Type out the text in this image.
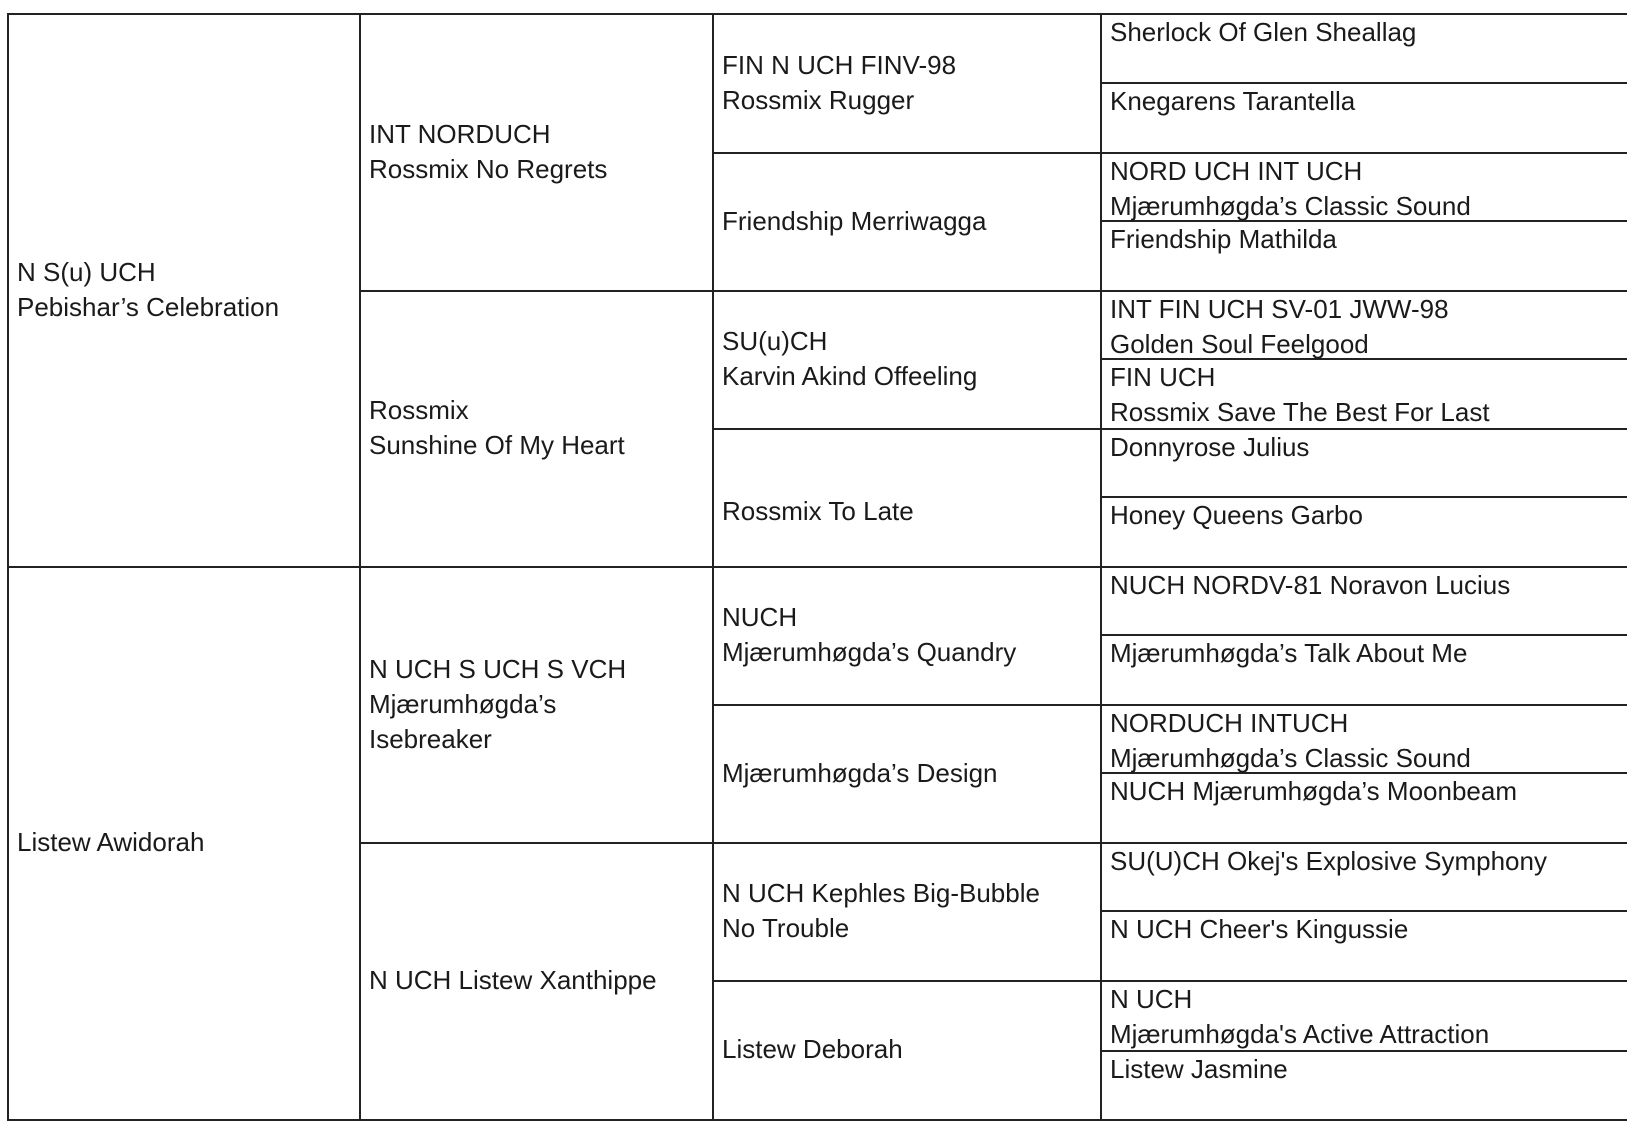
N S(u) UCH
Pebishar’s Celebration
Listew Awidorah
INT NORDUCH
Rossmix No Regrets
Rossmix
Sunshine Of My Heart
N UCH S UCH S VCH
Mjærumhøgda’s
Isebreaker
N UCH Listew Xanthippe
FIN N UCH FINV-98
Rossmix Rugger
Friendship Merriwagga
SU(u)CH
Karvin Akind Offeeling
Rossmix To Late
NUCH
Mjærumhøgda’s Quandry
Mjærumhøgda’s Design
N UCH Kephles Big-Bubble
No Trouble
Listew Deborah
Sherlock Of Glen Sheallag
Knegarens Tarantella
NORD UCH INT UCH
Mjærumhøgda’s Classic Sound
Friendship Mathilda
INT FIN UCH SV-01 JWW-98
Golden Soul Feelgood
FIN UCH
Rossmix Save The Best For Last
Donnyrose Julius
Honey Queens Garbo
NUCH NORDV-81 Noravon Lucius
Mjærumhøgda’s Talk About Me
NORDUCH INTUCH
Mjærumhøgda’s Classic Sound
NUCH Mjærumhøgda’s Moonbeam
SU(U)CH Okej's Explosive Symphony
N UCH Cheer's Kingussie
N UCH
Mjærumhøgda's Active Attraction
Listew Jasmine
